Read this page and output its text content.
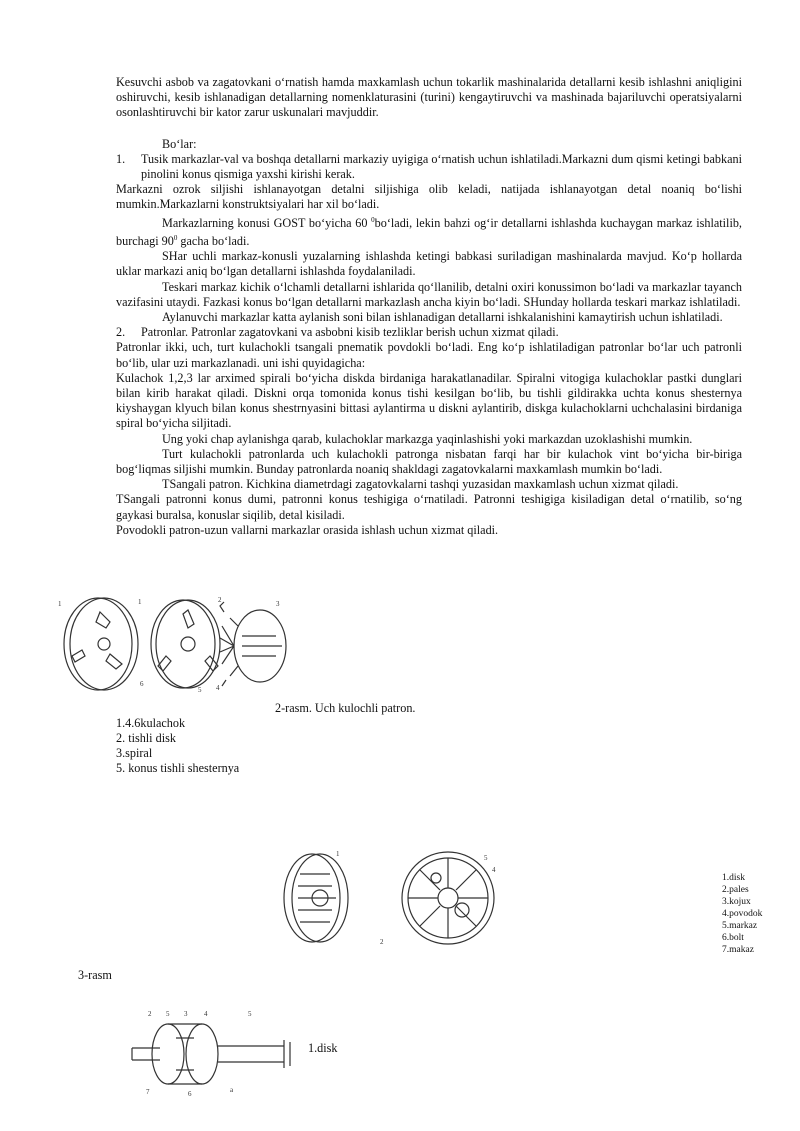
Kesuvchi asbob va zagatovkani oʻrnatish hamda maxkamlash uchun tokarlik mashinalarida detallarni kesib ishlashni aniqligini oshiruvchi, kesib ishlanadigan detallarning nomenklaturasini (turini) kengaytiruvchi va mashinada bajariluvchi operatsiyalarni osonlashtiruvchi bir kator zarur uskunalari mavjuddir.

Boʻlar:

1.	Tusik markazlar-val va boshqa detallarni markaziy uyigiga oʻrnatish uchun ishlatiladi.Markazni dum qismi ketingi babkani pinolini konus qismiga yaxshi kirishi kerak.

Markazni ozrok siljishi ishlanayotgan detalni siljishiga olib keladi, natijada ishlanayotgan detal noaniq boʻlishi mumkin.Markazlarni konstruktsiyalari har xil boʻladi.

Markazlarning konusi GOST boʻyicha 60 $^0$boʻladi, lekin bahzi ogʻir detallarni ishlashda kuchaygan markaz ishlatilib, burchagi $90^0$ gacha boʻladi.

SHar uchli markaz-konusli yuzalarning ishlashda ketingi babkasi suriladigan mashinalarda mavjud. Koʻp hollarda uklar markazi aniq boʻlgan detallarni ishlashda foydalaniladi.

Teskari markaz kichik oʻlchamli detallarni ishlarida qoʻllanilib, detalni oxiri konussimon boʻladi va markazlar tayanch vazifasini utaydi. Fazkasi konus boʻlgan detallarni markazlash ancha kiyin boʻladi. SHunday hollarda teskari markaz ishlatiladi.

Aylanuvchi markazlar katta aylanish soni bilan ishlanadigan detallarni ishkalanishini kamaytirish uchun ishlatiladi.

2.	Patronlar. Patronlar zagatovkani va asbobni kisib tezliklar berish uchun xizmat qiladi.

Patronlar ikki, uch, turt kulachokli tsangali pnematik povdokli boʻladi. Eng koʻp ishlatiladigan patronlar boʻlar uch patronli boʻlib, ular uzi markazlanadi. uni ishi quyidagicha:

Kulachok 1,2,3 lar arximed spirali boʻyicha diskda birdaniga harakatlanadilar. Spiralni vitogiga kulachoklar pastki dunglari bilan kirib harakat qiladi. Diskni orqa tomonida konus tishi kesilgan boʻlib, bu tishli gildirakka uchta konus shesternya kiyshaygan klyuch bilan konus shestrnyasini bittasi aylantirma u diskni aylantirib, diskga kulachoklarni uchchalasini birdaniga spiral boʻyicha siljitadi.

Ung yoki chap aylanishga qarab, kulachoklar markazga yaqinlashishi yoki markazdan uzoklashishi mumkin.

Turt kulachokli patronlarda uch kulachokli patronga nisbatan farqi har bir kulachok vint boʻyicha bir-biriga bogʻliqmas siljishi mumkin. Bunday patronlarda noaniq shakldagi zagatovkalarni maxkamlash mumkin boʻladi.

TSangali patron. Kichkina diametrdagi zagatovkalarni tashqi yuzasidan maxkamlash uchun xizmat qiladi.

TSangali patronni konus dumi, patronni konus teshigiga oʻrnatiladi. Patronni teshigiga kisiladigan detal oʻrnatilib, soʻng gaykasi buralsa, konuslar siqilib, detal kisiladi.

Povodokli patron-uzun vallarni markazlar orasida ishlash uchun xizmat qiladi.

1	1	2	3
6	4
5
2-rasm. Uch kulochli patron.
1.4.6kulachok
2. tishli disk
3.spiral
5. konus tishli shesternya
1
2
5
4
1.disk
2.pales
3.kojux
4.povodok
5.markaz
6.bolt
7.makaz
3-rasm
2 5 3 4	5
7	6	a
1.disk
